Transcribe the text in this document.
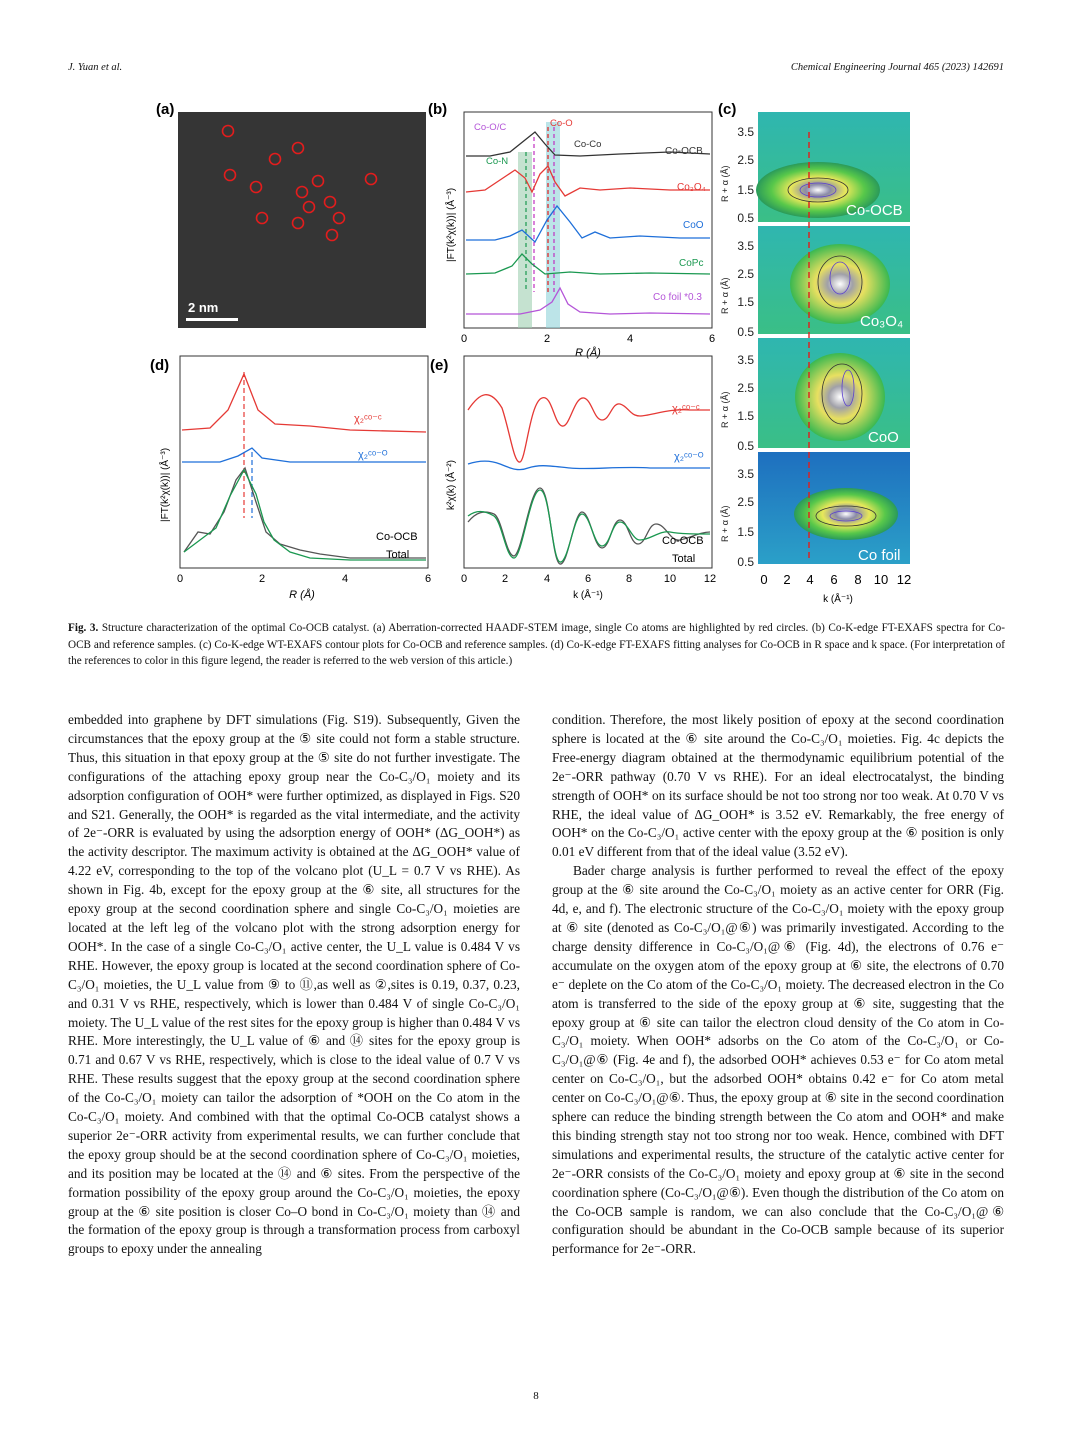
J. Yuan et al.	Chemical Engineering Journal 465 (2023) 142691
(a)
2 nm
(b)
Co-O/C	Co-O
Co-Co
Co-N
Co-OCB
Co₃O₄
CoO
CoPc
Co foil *0.3
|FT(k²χ(k))| (Å⁻³)
0	2	4	6
R (Å)
(c)
Co-OCB
Co₃O₄
CoO
Co foil
3.5
2.5
1.5
0.5
3.5
2.5
1.5
0.5
3.5
2.5
1.5
0.5
3.5
2.5
1.5
0.5
R + α (Å)
R + α (Å)
R + α (Å)
R + α (Å)
0 2 4 6 8 10 12
k (Å⁻¹)
(d)
χ₂ᶜᵒ⁻ᶜ
χ₂ᶜᵒ⁻ᴼ
Co-OCB
Total
|FT(k²χ(k))| (Å⁻³)
0	2	4	6
R (Å)
(e)
χ₂ᶜᵒ⁻ᶜ
χ₂ᶜᵒ⁻ᴼ
Co-OCB
Total
k²χ(k) (Å⁻²)
0	2	4	6	8	10	12
k (Å⁻¹)
Fig. 3. Structure characterization of the optimal Co-OCB catalyst. (a) Aberration-corrected HAADF-STEM image, single Co atoms are highlighted by red circles. (b) Co-K-edge FT-EXAFS spectra for Co-OCB and reference samples. (c) Co-K-edge WT-EXAFS contour plots for Co-OCB and reference samples. (d) Co-K-edge FT-EXAFS fitting analyses for Co-OCB in R space and k space. (For interpretation of the references to color in this figure legend, the reader is referred to the web version of this article.)

embedded into graphene by DFT simulations (Fig. S19). Subsequently, Given the circumstances that the epoxy group at the ⑤ site could not form a stable structure. Thus, this situation in that epoxy group at the ⑤ site do not further investigate. The configurations of the attaching epoxy group near the Co-C₃/O₁ moiety and its adsorption configuration of OOH* were further optimized, as displayed in Figs. S20 and S21. Generally, the OOH* is regarded as the vital intermediate, and the activity of 2e⁻-ORR is evaluated by using the adsorption energy of OOH* (ΔG_OOH*) as the activity descriptor. The maximum activity is obtained at the ΔG_OOH* value of 4.22 eV, corresponding to the top of the volcano plot (U_L = 0.7 V vs RHE). As shown in Fig. 4b, except for the epoxy group at the ⑥ site, all structures for the epoxy group at the second coordination sphere and single Co-C₃/O₁ moieties are located at the left leg of the volcano plot with the strong adsorption energy for OOH*. In the case of a single Co-C₃/O₁ active center, the U_L value is 0.484 V vs RHE. However, the epoxy group is located at the second coordination sphere of Co-C₃/O₁ moieties, the U_L value from ⑨ to ⑪,as well as ②,sites is 0.19, 0.37, 0.23, and 0.31 V vs RHE, respectively, which is lower than 0.484 V of single Co-C₃/O₁ moiety. The U_L value of the rest sites for the epoxy group is higher than 0.484 V vs RHE. More interestingly, the U_L value of ⑥ and ⑭ sites for the epoxy group is 0.71 and 0.67 V vs RHE, respectively, which is close to the ideal value of 0.7 V vs RHE. These results suggest that the epoxy group at the second coordination sphere of the Co-C₃/O₁ moiety can tailor the adsorption of *OOH on the Co atom in the Co-C₃/O₁ moiety. And combined with that the optimal Co-OCB catalyst shows a superior 2e⁻-ORR activity from experimental results, we can further conclude that the epoxy group should be at the second coordination sphere of Co-C₃/O₁ moieties, and its position may be located at the ⑭ and ⑥ sites. From the perspective of the formation possibility of the epoxy group around the Co-C₃/O₁ moieties, the epoxy group at the ⑥ site position is closer Co–O bond in Co-C₃/O₁ moiety than ⑭ and the formation of the epoxy group is through a transformation process from carboxyl groups to epoxy under the annealing

condition. Therefore, the most likely position of epoxy at the second coordination sphere is located at the ⑥ site around the Co-C₃/O₁ moieties. Fig. 4c depicts the Free-energy diagram obtained at the thermodynamic equilibrium potential of the 2e⁻-ORR pathway (0.70 V vs RHE). For an ideal electrocatalyst, the binding strength of OOH* on its surface should be not too strong nor too weak. At 0.70 V vs RHE, the ideal value of ΔG_OOH* is 3.52 eV. Remarkably, the free energy of OOH* on the Co-C₃/O₁ active center with the epoxy group at the ⑥ position is only 0.01 eV different from that of the ideal value (3.52 eV).

Bader charge analysis is further performed to reveal the effect of the epoxy group at the ⑥ site around the Co-C₃/O₁ moiety as an active center for ORR (Fig. 4d, e, and f). The electronic structure of the Co-C₃/O₁ moiety with the epoxy group at ⑥ site (denoted as Co-C₃/O₁@⑥) was primarily investigated. According to the charge density difference in Co-C₃/O₁@⑥ (Fig. 4d), the electrons of 0.76 e⁻ accumulate on the oxygen atom of the epoxy group at ⑥ site, the electrons of 0.70 e⁻ deplete on the Co atom of the Co-C₃/O₁ moiety. The decreased electron in the Co atom is transferred to the side of the epoxy group at ⑥ site, suggesting that the epoxy group at ⑥ site can tailor the electron cloud density of the Co atom in Co-C₃/O₁ moiety. When OOH* adsorbs on the Co atom of the Co-C₃/O₁ or Co-C₃/O₁@⑥ (Fig. 4e and f), the adsorbed OOH* achieves 0.53 e⁻ for Co atom metal center on Co-C₃/O₁, but the adsorbed OOH* obtains 0.42 e⁻ for Co atom metal center on Co-C₃/O₁@⑥. Thus, the epoxy group at ⑥ site in the second coordination sphere can reduce the binding strength between the Co atom and OOH* and make this binding strength stay not too strong nor too weak. Hence, combined with DFT simulations and experimental results, the structure of the catalytic active center for 2e⁻-ORR consists of the Co-C₃/O₁ moiety and epoxy group at ⑥ site in the second coordination sphere (Co-C₃/O₁@⑥). Even though the distribution of the Co atom on the Co-OCB sample is random, we can also conclude that the Co-C₃/O₁@⑥ configuration should be abundant in the Co-OCB sample because of its superior performance for 2e⁻-ORR.

8
